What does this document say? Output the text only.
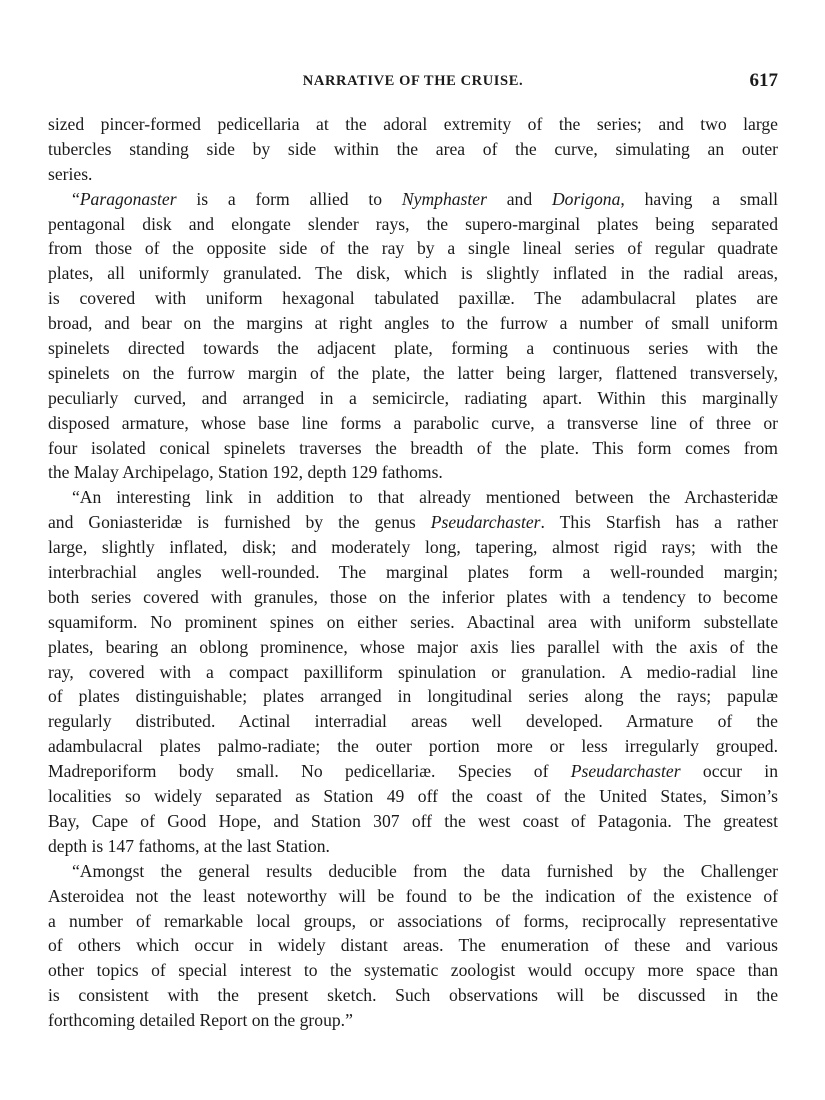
NARRATIVE OF THE CRUISE.	617
sized pincer-formed pedicellaria at the adoral extremity of the series; and two large
tubercles standing side by side within the area of the curve, simulating an outer
series.
“Paragonaster is a form allied to Nymphaster and Dorigona, having a small
pentagonal disk and elongate slender rays, the supero-marginal plates being separated
from those of the opposite side of the ray by a single lineal series of regular quadrate
plates, all uniformly granulated. The disk, which is slightly inflated in the radial areas,
is covered with uniform hexagonal tabulated paxillæ. The adambulacral plates are
broad, and bear on the margins at right angles to the furrow a number of small uniform
spinelets directed towards the adjacent plate, forming a continuous series with the
spinelets on the furrow margin of the plate, the latter being larger, flattened transversely,
peculiarly curved, and arranged in a semicircle, radiating apart. Within this marginally
disposed armature, whose base line forms a parabolic curve, a transverse line of three or
four isolated conical spinelets traverses the breadth of the plate. This form comes from
the Malay Archipelago, Station 192, depth 129 fathoms.
“An interesting link in addition to that already mentioned between the Archasteridæ
and Goniasteridæ is furnished by the genus Pseudarchaster. This Starfish has a rather
large, slightly inflated, disk; and moderately long, tapering, almost rigid rays; with the
interbrachial angles well-rounded. The marginal plates form a well-rounded margin;
both series covered with granules, those on the inferior plates with a tendency to become
squamiform. No prominent spines on either series. Abactinal area with uniform substellate
plates, bearing an oblong prominence, whose major axis lies parallel with the axis of the
ray, covered with a compact paxilliform spinulation or granulation. A medio-radial line
of plates distinguishable; plates arranged in longitudinal series along the rays; papulæ
regularly distributed. Actinal interradial areas well developed. Armature of the
adambulacral plates palmo-radiate; the outer portion more or less irregularly grouped.
Madreporiform body small. No pedicellariæ. Species of Pseudarchaster occur in
localities so widely separated as Station 49 off the coast of the United States, Simon’s
Bay, Cape of Good Hope, and Station 307 off the west coast of Patagonia. The greatest
depth is 147 fathoms, at the last Station.
“Amongst the general results deducible from the data furnished by the Challenger
Asteroidea not the least noteworthy will be found to be the indication of the existence of
a number of remarkable local groups, or associations of forms, reciprocally representative
of others which occur in widely distant areas. The enumeration of these and various
other topics of special interest to the systematic zoologist would occupy more space than
is consistent with the present sketch. Such observations will be discussed in the
forthcoming detailed Report on the group.”
